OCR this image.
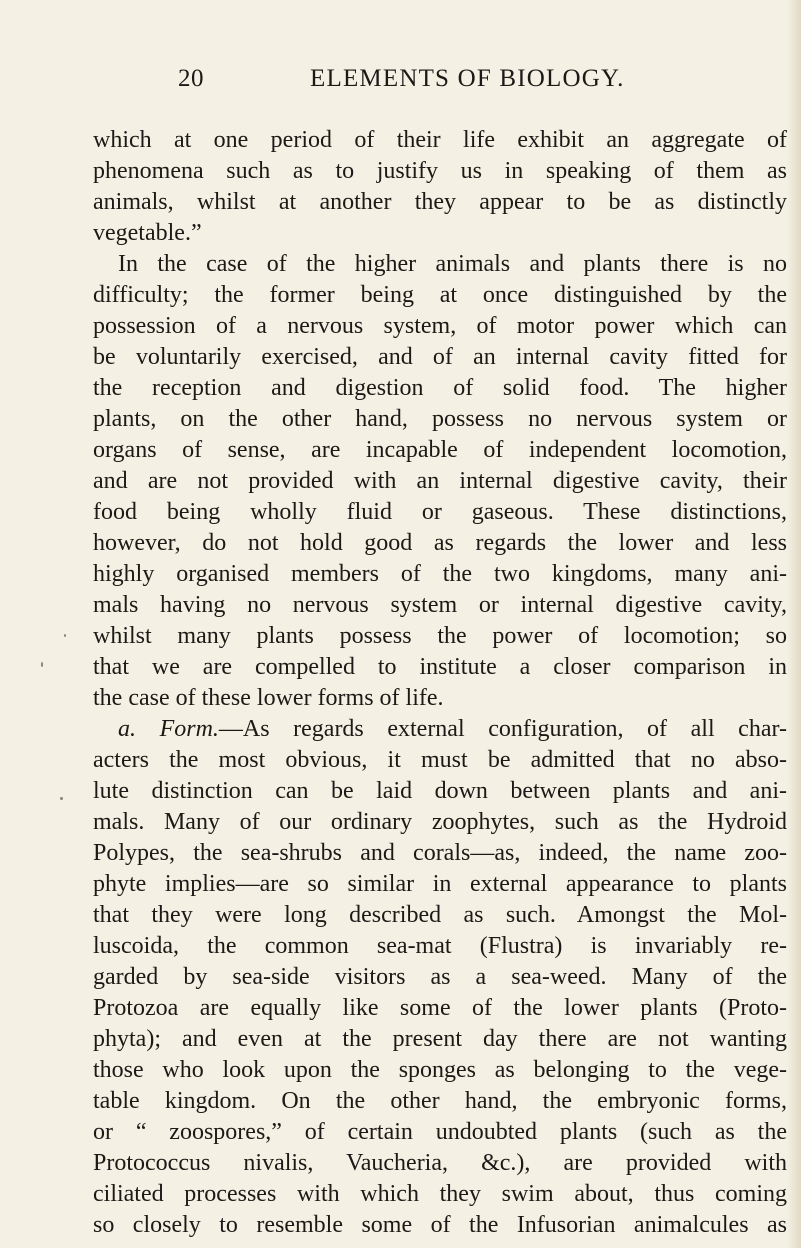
20	ELEMENTS OF BIOLOGY.
which at one period of their life exhibit an aggregate of
phenomena such as to justify us in speaking of them as
animals, whilst at another they appear to be as distinctly
vegetable.”
In the case of the higher animals and plants there is no
difficulty; the former being at once distinguished by the
possession of a nervous system, of motor power which can
be voluntarily exercised, and of an internal cavity fitted for
the reception and digestion of solid food. The higher
plants, on the other hand, possess no nervous system or
organs of sense, are incapable of independent locomotion,
and are not provided with an internal digestive cavity, their
food being wholly fluid or gaseous. These distinctions,
however, do not hold good as regards the lower and less
highly organised members of the two kingdoms, many ani-
mals having no nervous system or internal digestive cavity,
whilst many plants possess the power of locomotion; so
that we are compelled to institute a closer comparison in
the case of these lower forms of life.
a. Form.—As regards external configuration, of all char-
acters the most obvious, it must be admitted that no abso-
lute distinction can be laid down between plants and ani-
mals. Many of our ordinary zoophytes, such as the Hydroid
Polypes, the sea-shrubs and corals—as, indeed, the name zoo-
phyte implies—are so similar in external appearance to plants
that they were long described as such. Amongst the Mol-
luscoida, the common sea-mat (Flustra) is invariably re-
garded by sea-side visitors as a sea-weed. Many of the
Protozoa are equally like some of the lower plants (Proto-
phyta); and even at the present day there are not wanting
those who look upon the sponges as belonging to the vege-
table kingdom. On the other hand, the embryonic forms,
or “ zoospores,” of certain undoubted plants (such as the
Protococcus nivalis, Vaucheria, &c.), are provided with
ciliated processes with which they swim about, thus coming
so closely to resemble some of the Infusorian animalcules as
